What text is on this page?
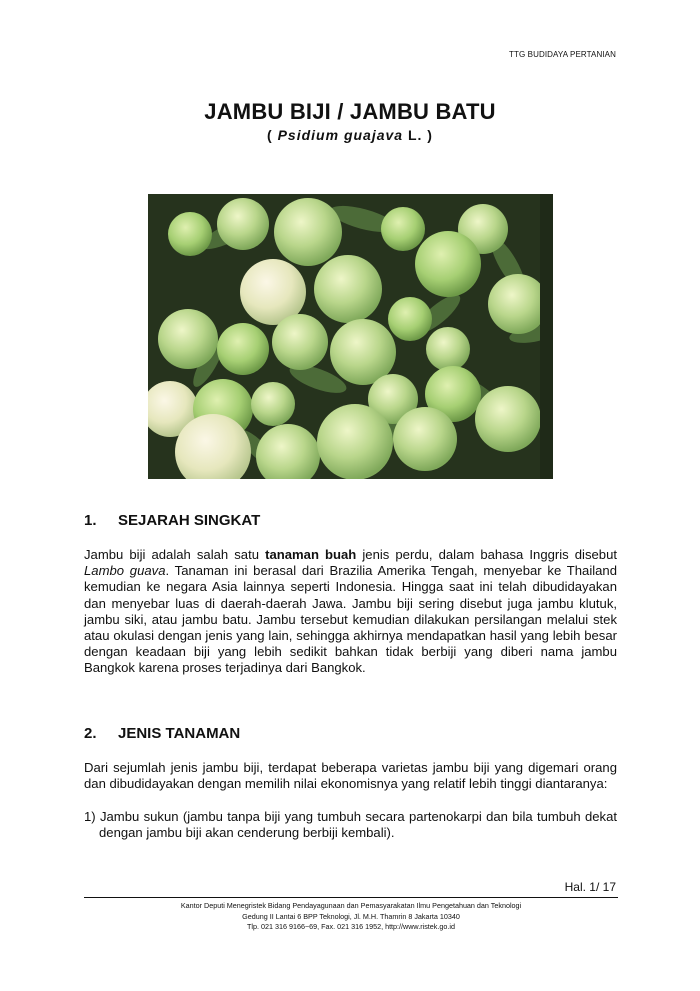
TTG BUDIDAYA PERTANIAN
JAMBU BIJI / JAMBU BATU
( Psidium guajava L. )
1. SEJARAH SINGKAT
Jambu biji adalah salah satu tanaman buah jenis perdu, dalam bahasa Inggris disebut Lambo guava. Tanaman ini berasal dari Brazilia Amerika Tengah, menyebar ke Thailand kemudian ke negara Asia lainnya seperti Indonesia. Hingga saat ini telah dibudidayakan dan menyebar luas di daerah-daerah Jawa. Jambu biji sering disebut juga jambu klutuk, jambu siki, atau jambu batu. Jambu tersebut kemudian dilakukan persilangan melalui stek atau okulasi dengan jenis yang lain, sehingga akhirnya mendapatkan hasil yang lebih besar dengan keadaan biji yang lebih sedikit bahkan tidak berbiji yang diberi nama jambu Bangkok karena proses terjadinya dari Bangkok.
2. JENIS TANAMAN
Dari sejumlah jenis jambu biji, terdapat beberapa varietas jambu biji yang digemari orang dan dibudidayakan dengan memilih nilai ekonomisnya yang relatif lebih tinggi diantaranya:
1) Jambu sukun (jambu tanpa biji yang tumbuh secara partenokarpi dan bila tumbuh dekat dengan jambu biji akan cenderung berbiji kembali).
Hal. 1/ 17
Kantor Deputi Menegristek Bidang Pendayagunaan dan Pemasyarakatan Ilmu Pengetahuan dan Teknologi
Gedung II Lantai 6 BPP Teknologi, Jl. M.H. Thamrin 8 Jakarta 10340
Tlp. 021 316 9166~69, Fax. 021 316 1952, http://www.ristek.go.id
